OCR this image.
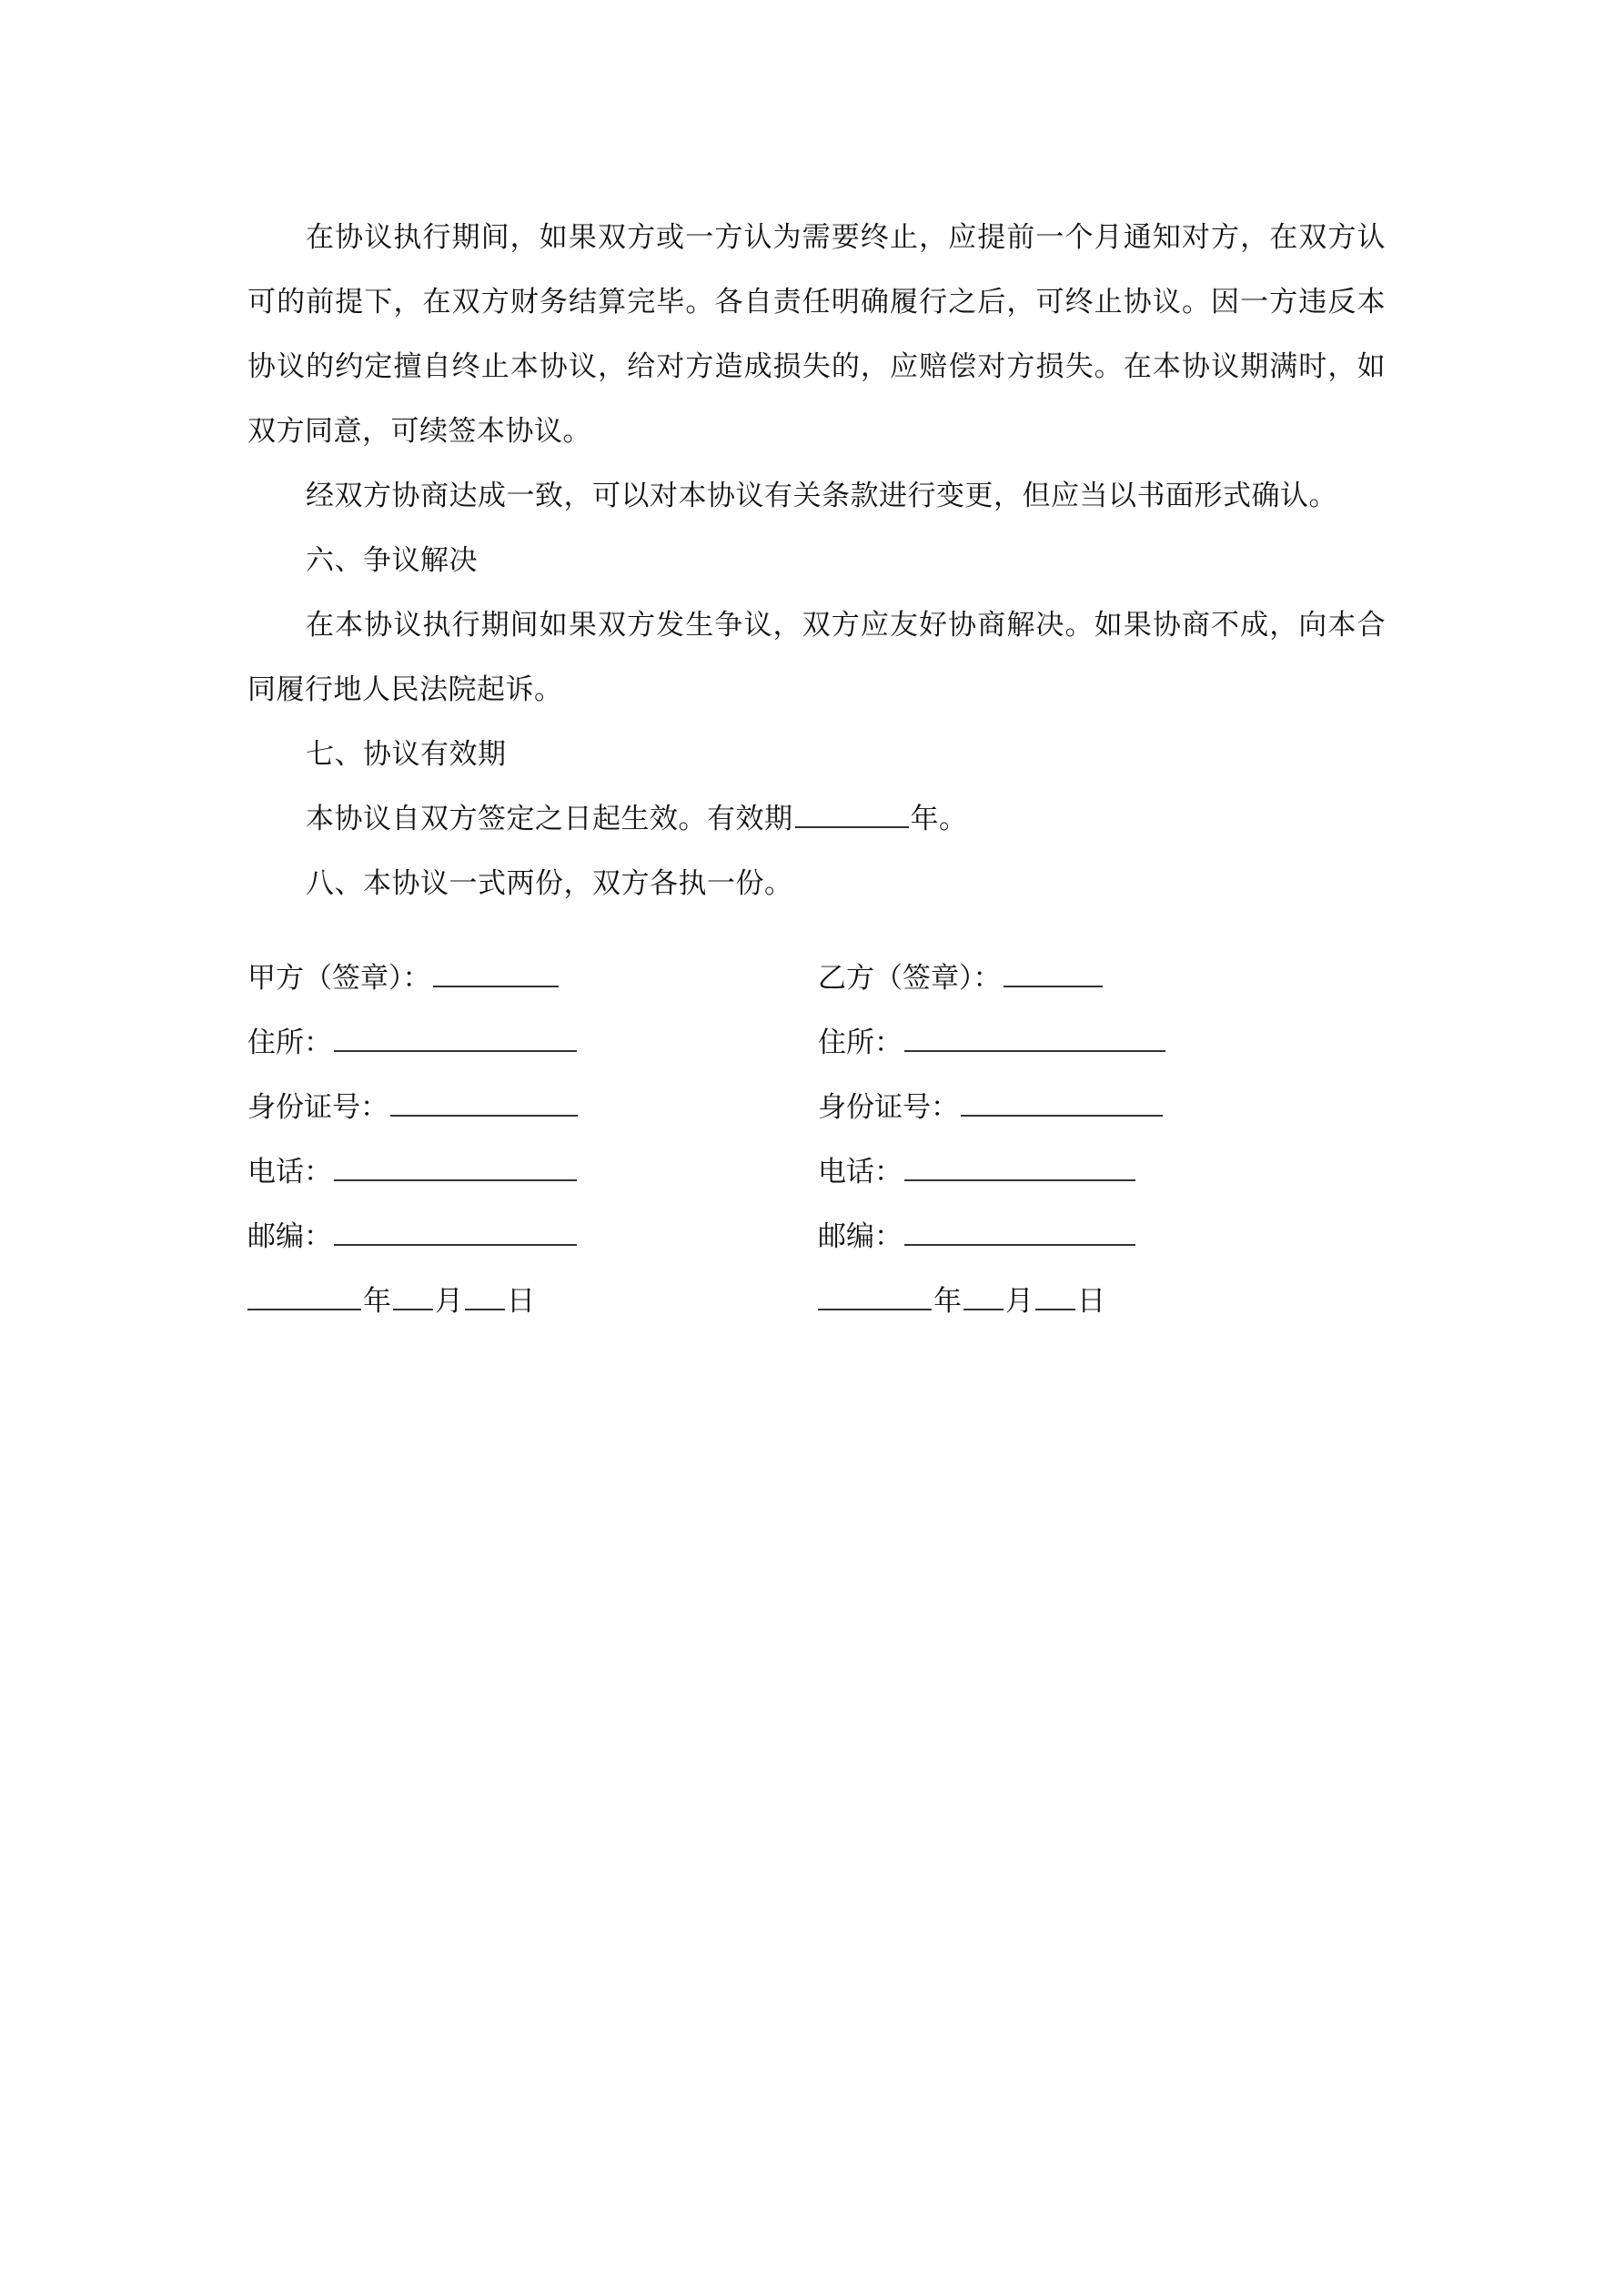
在协议执行期间，如果双方或一方认为需要终止，应提前一个月通知对方，在双方认可的前提下，在双方财务结算完毕。各自责任明确履行之后，可终止协议。因一方违反本协议的约定擅自终止本协议，给对方造成损失的，应赔偿对方损失。在本协议期满时，如双方同意，可续签本协议。

经双方协商达成一致，可以对本协议有关条款进行变更，但应当以书面形式确认。

六、争议解决

在本协议执行期间如果双方发生争议，双方应友好协商解决。如果协商不成，向本合同履行地人民法院起诉。

七、协议有效期

本协议自双方签定之日起生效。有效期	年。

八、本协议一式两份，双方各执一份。

甲方（签章）：
住所：
身份证号：
电话：
邮编：
年 月 日
乙方（签章）：
住所：
身份证号：
电话：
邮编：
年 月 日
